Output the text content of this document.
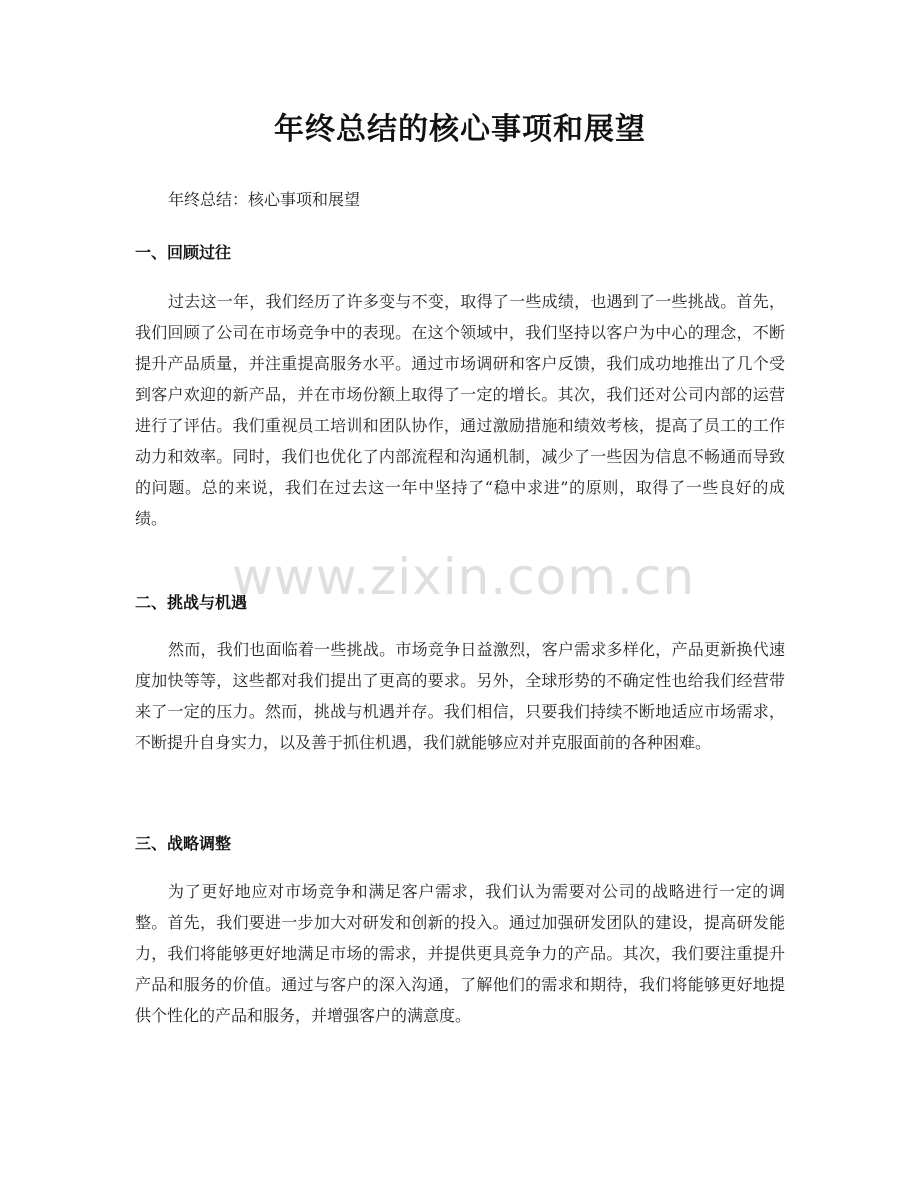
年终总结的核心事项和展望
年终总结：核心事项和展望
一、回顾过往

过去这一年，我们经历了许多变与不变，取得了一些成绩，也遇到了一些挑战。首先，我们回顾了公司在市场竞争中的表现。在这个领域中，我们坚持以客户为中心的理念，不断提升产品质量，并注重提高服务水平。通过市场调研和客户反馈，我们成功地推出了几个受到客户欢迎的新产品，并在市场份额上取得了一定的增长。其次，我们还对公司内部的运营进行了评估。我们重视员工培训和团队协作，通过激励措施和绩效考核，提高了员工的工作动力和效率。同时，我们也优化了内部流程和沟通机制，减少了一些因为信息不畅通而导致的问题。总的来说，我们在过去这一年中坚持了“稳中求进”的原则，取得了一些良好的成绩。

二、挑战与机遇

然而，我们也面临着一些挑战。市场竞争日益激烈，客户需求多样化，产品更新换代速度加快等等，这些都对我们提出了更高的要求。另外，全球形势的不确定性也给我们经营带来了一定的压力。然而，挑战与机遇并存。我们相信，只要我们持续不断地适应市场需求，不断提升自身实力，以及善于抓住机遇，我们就能够应对并克服面前的各种困难。

三、战略调整

为了更好地应对市场竞争和满足客户需求，我们认为需要对公司的战略进行一定的调整。首先，我们要进一步加大对研发和创新的投入。通过加强研发团队的建设，提高研发能力，我们将能够更好地满足市场的需求，并提供更具竞争力的产品。其次，我们要注重提升产品和服务的价值。通过与客户的深入沟通，了解他们的需求和期待，我们将能够更好地提供个性化的产品和服务，并增强客户的满意度。

www.zixin.com.cn
